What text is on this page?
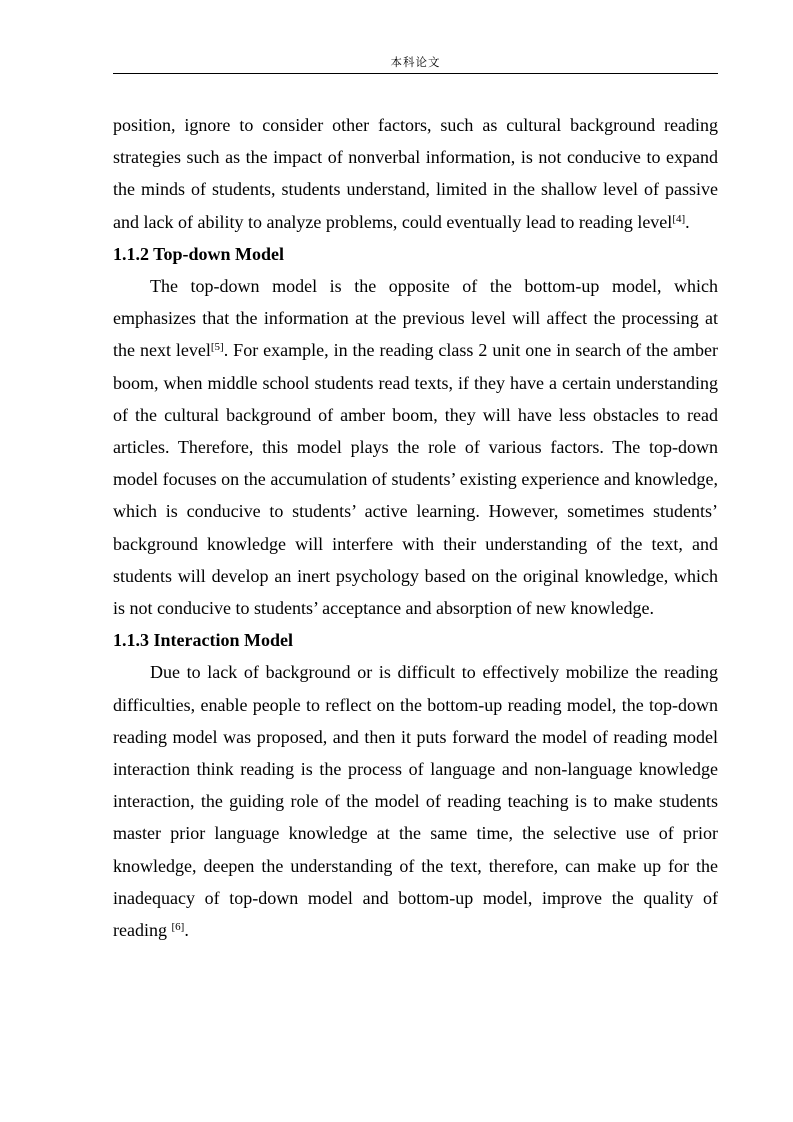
本科论文

position, ignore to consider other factors, such as cultural background reading strategies such as the impact of nonverbal information, is not conducive to expand the minds of students, students understand, limited in the shallow level of passive and lack of ability to analyze problems, could eventually lead to reading level[4].

1.1.2 Top-down Model

The top-down model is the opposite of the bottom-up model, which emphasizes that the information at the previous level will affect the processing at the next level[5]. For example, in the reading class 2 unit one in search of the amber boom, when middle school students read texts, if they have a certain understanding of the cultural background of amber boom, they will have less obstacles to read articles. Therefore, this model plays the role of various factors. The top-down model focuses on the accumulation of students’ existing experience and knowledge, which is conducive to students’ active learning. However, sometimes students’ background knowledge will interfere with their understanding of the text, and students will develop an inert psychology based on the original knowledge, which is not conducive to students’ acceptance and absorption of new knowledge.

1.1.3 Interaction Model

Due to lack of background or is difficult to effectively mobilize the reading difficulties, enable people to reflect on the bottom-up reading model, the top-down reading model was proposed, and then it puts forward the model of reading model interaction think reading is the process of language and non-language knowledge interaction, the guiding role of the model of reading teaching is to make students master prior language knowledge at the same time, the selective use of prior knowledge, deepen the understanding of the text, therefore, can make up for the inadequacy of top-down model and bottom-up model, improve the quality of reading [6].
